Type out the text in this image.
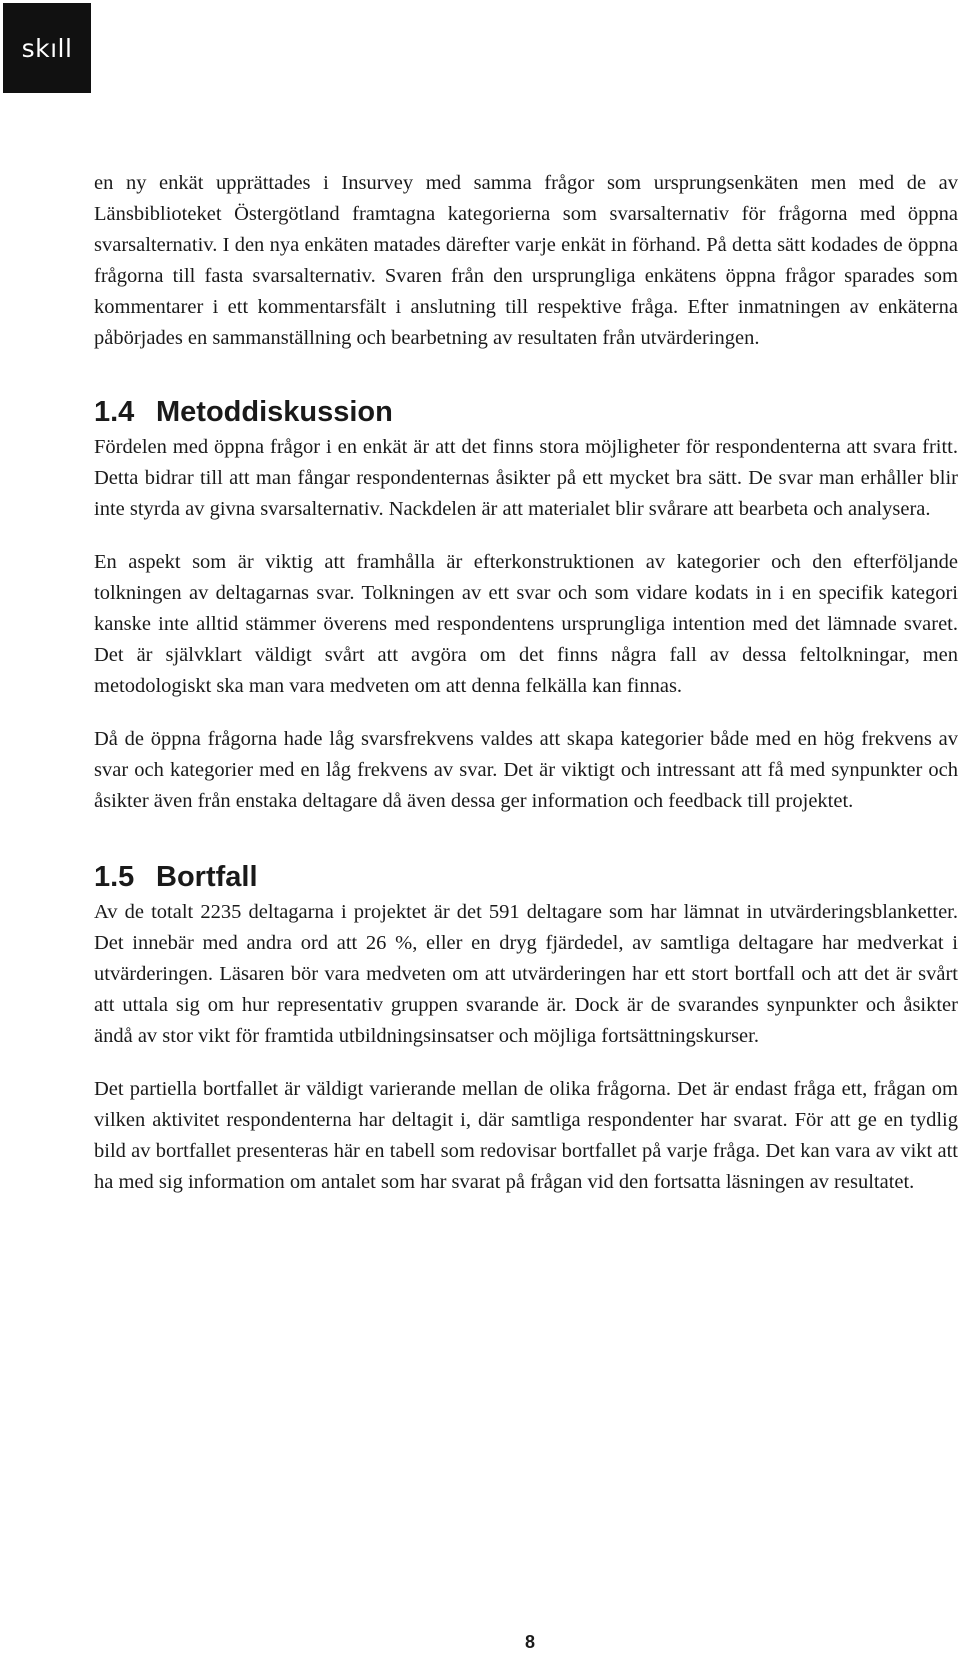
skıll

en ny enkät upprättades i Insurvey med samma frågor som ursprungsenkäten men med de av Länsbiblioteket Östergötland framtagna kategorierna som svarsalternativ för frågorna med öppna svarsalternativ. I den nya enkäten matades därefter varje enkät in förhand. På detta sätt kodades de öppna frågorna till fasta svarsalternativ. Svaren från den ursprungliga enkätens öppna frågor sparades som kommentarer i ett kommentarsfält i anslutning till respektive fråga. Efter inmatningen av enkäterna påbörjades en sammanställning och bearbetning av resultaten från utvärderingen.

1.4 Metoddiskussion

Fördelen med öppna frågor i en enkät är att det finns stora möjligheter för respondenterna att svara fritt. Detta bidrar till att man fångar respondenternas åsikter på ett mycket bra sätt. De svar man erhåller blir inte styrda av givna svarsalternativ. Nackdelen är att materialet blir svårare att bearbeta och analysera.

En aspekt som är viktig att framhålla är efterkonstruktionen av kategorier och den efterföljande tolkningen av deltagarnas svar. Tolkningen av ett svar och som vidare kodats in i en specifik kategori kanske inte alltid stämmer överens med respondentens ursprungliga intention med det lämnade svaret. Det är självklart väldigt svårt att avgöra om det finns några fall av dessa feltolkningar, men metodologiskt ska man vara medveten om att denna felkälla kan finnas.

Då de öppna frågorna hade låg svarsfrekvens valdes att skapa kategorier både med en hög frekvens av svar och kategorier med en låg frekvens av svar. Det är viktigt och intressant att få med synpunkter och åsikter även från enstaka deltagare då även dessa ger information och feedback till projektet.

1.5 Bortfall

Av de totalt 2235 deltagarna i projektet är det 591 deltagare som har lämnat in utvärderingsblanketter. Det innebär med andra ord att 26 %, eller en dryg fjärdedel, av samtliga deltagare har medverkat i utvärderingen. Läsaren bör vara medveten om att utvärderingen har ett stort bortfall och att det är svårt att uttala sig om hur representativ gruppen svarande är. Dock är de svarandes synpunkter och åsikter ändå av stor vikt för framtida utbildningsinsatser och möjliga fortsättningskurser.

Det partiella bortfallet är väldigt varierande mellan de olika frågorna. Det är endast fråga ett, frågan om vilken aktivitet respondenterna har deltagit i, där samtliga respondenter har svarat. För att ge en tydlig bild av bortfallet presenteras här en tabell som redovisar bortfallet på varje fråga. Det kan vara av vikt att ha med sig information om antalet som har svarat på frågan vid den fortsatta läsningen av resultatet.

8
